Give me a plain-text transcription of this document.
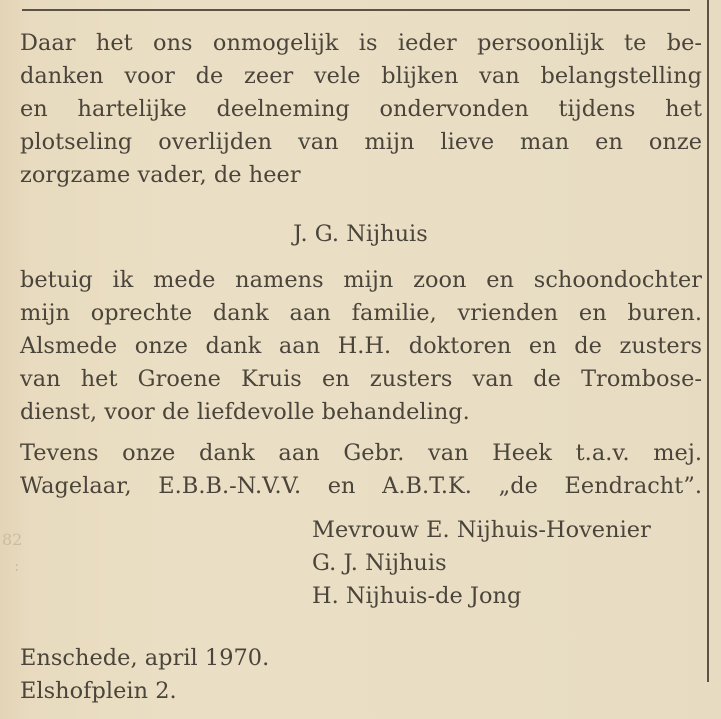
82
:
Daar het ons onmogelijk is ieder persoonlijk te be-
danken voor de zeer vele blijken van belangstelling
en hartelijke deelneming ondervonden tijdens het
plotseling overlijden van mijn lieve man en onze
zorgzame vader, de heer
J. G. Nijhuis
betuig ik mede namens mijn zoon en schoondochter
mijn oprechte dank aan familie, vrienden en buren.
Alsmede onze dank aan H.H. doktoren en de zusters
van het Groene Kruis en zusters van de Trombose-
dienst, voor de liefdevolle behandeling.
Tevens onze dank aan Gebr. van Heek t.a.v. mej.
Wagelaar, E.B.B.-N.V.V. en A.B.T.K. „de Eendracht”.
Mevrouw E. Nijhuis-Hovenier
G. J. Nijhuis
H. Nijhuis-de Jong
Enschede, april 1970.
Elshofplein 2.
